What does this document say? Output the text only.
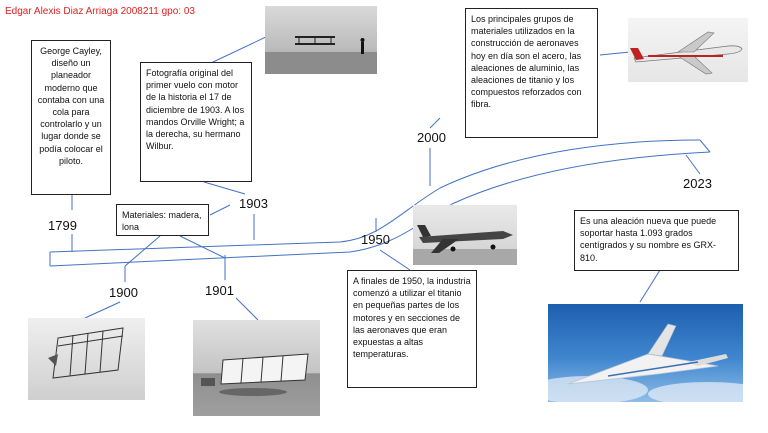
Edgar Alexis Diaz Arriaga 2008211 gpo: 03
George Cayley, diseño un planeador moderno que contaba con una cola para controlarlo y un lugar donde se podía colocar el piloto.
Fotografía original del primer vuelo con motor de la historia el 17 de diciembre de 1903. A los mandos Orville Wright; a la derecha, su hermano Wilbur.
Materiales: madera, lona
Los principales grupos de materiales utilizados en la construcción de aeronaves hoy en día son el acero, las aleaciones de aluminio, las aleaciones de titanio y los compuestos reforzados con fibra.
A finales de 1950, la industria comenzó a utilizar el titanio en pequeñas partes de los motores y en secciones de las aeronaves que eran expuestas a altas temperaturas.
Es una aleación nueva que puede soportar hasta 1.093 grados centígrados y su nombre es GRX-810.
1799
1903
1900	1901
1950
2000
2023
